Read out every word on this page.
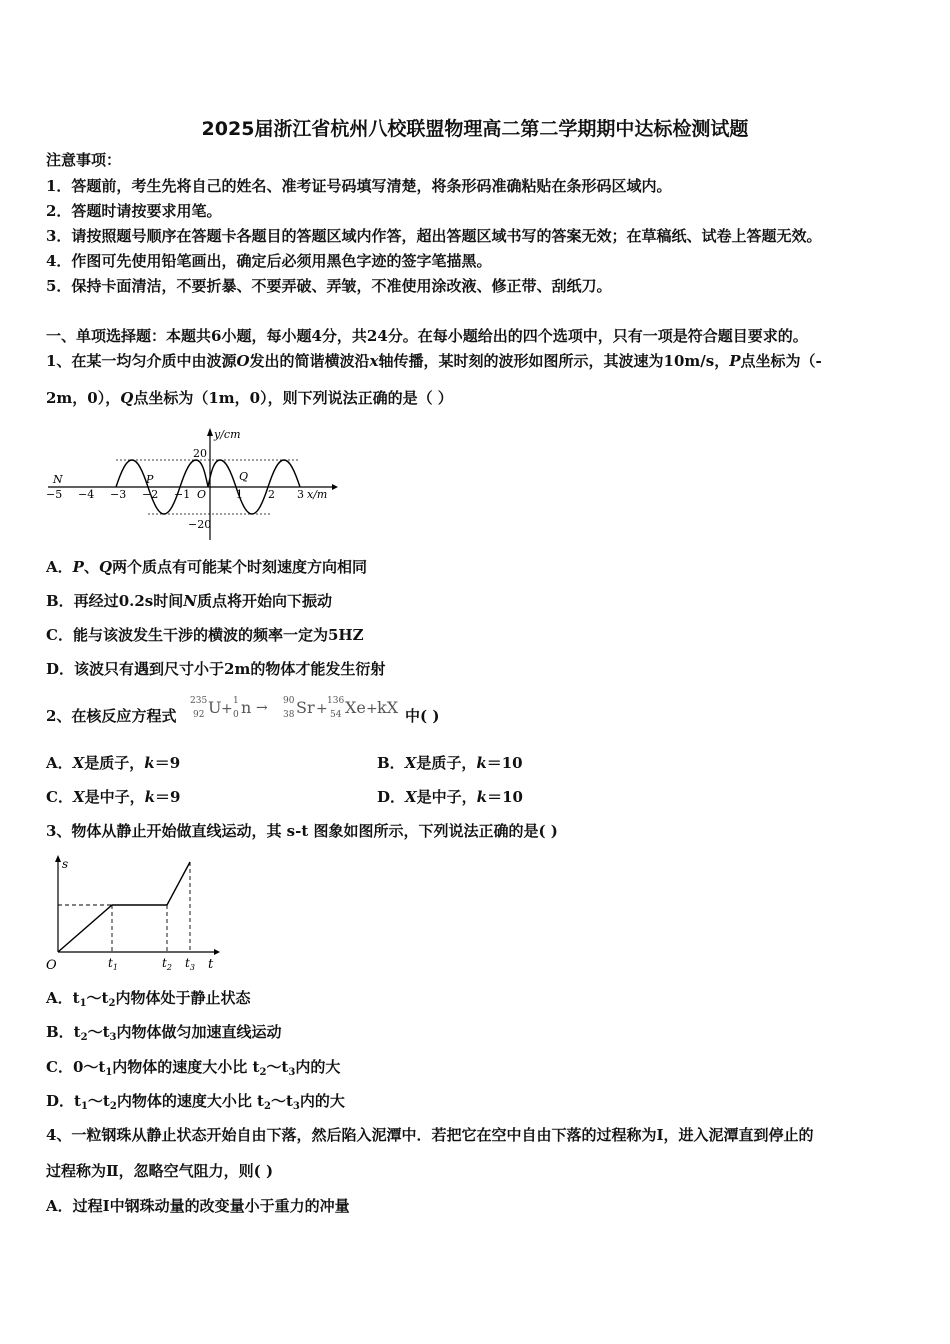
2025届浙江省杭州八校联盟物理高二第二学期期中达标检测试题
注意事项：
1．答题前，考生先将自己的姓名、准考证号码填写清楚，将条形码准确粘贴在条形码区域内。
2．答题时请按要求用笔。
3．请按照题号顺序在答题卡各题目的答题区域内作答，超出答题区域书写的答案无效；在草稿纸、试卷上答题无效。
4．作图可先使用铅笔画出，确定后必须用黑色字迹的签字笔描黑。
5．保持卡面清洁，不要折暴、不要弄破、弄皱，不准使用涂改液、修正带、刮纸刀。
一、单项选择题：本题共6小题，每小题4分，共24分。在每小题给出的四个选项中，只有一项是符合题目要求的。
1、在某一均匀介质中由波源O发出的简谐横波沿x轴传播，某时刻的波形如图所示，其波速为10m/s，P点坐标为（-
2m，0），Q点坐标为（1m，0），则下列说法正确的是（ ）
y/cm
x/m
20
−20
−5 −4 −3 −2 −1 O	1 2 3
N	P	Q
A．P、Q两个质点有可能某个时刻速度方向相同
B．再经过0.2s时间N质点将开始向下振动
C．能与该波发生干涉的横波的频率一定为5HZ
D．该波只有遇到尺寸小于2m的物体才能发生衍射
2、在核反应方程式
235
92 U + 1
0 n → 90
38 Sr + 136
54 Xe + kX 中( )
A．X是质子，k＝9	B．X是质子，k＝10
C．X是中子，k＝9	D．X是中子，k＝10
3、物体从静止开始做直线运动，其 s-t 图象如图所示，下列说法正确的是( )
s
t
O	$t_1$	$t_2$ $t_3$
A．$t_1\sim t_2$内物体处于静止状态
B．$t_2\sim t_3$内物体做匀加速直线运动
C．$0\sim t_1$内物体的速度大小比 $t_2\sim t_3$内的大
D．$t_1\sim t_2$内物体的速度大小比 $t_2\sim t_3$内的大
4、一粒钢珠从静止状态开始自由下落，然后陷入泥潭中．若把它在空中自由下落的过程称为Ⅰ，进入泥潭直到停止的
过程称为Ⅱ，忽略空气阻力，则( )
A．过程Ⅰ中钢珠动量的改变量小于重力的冲量
